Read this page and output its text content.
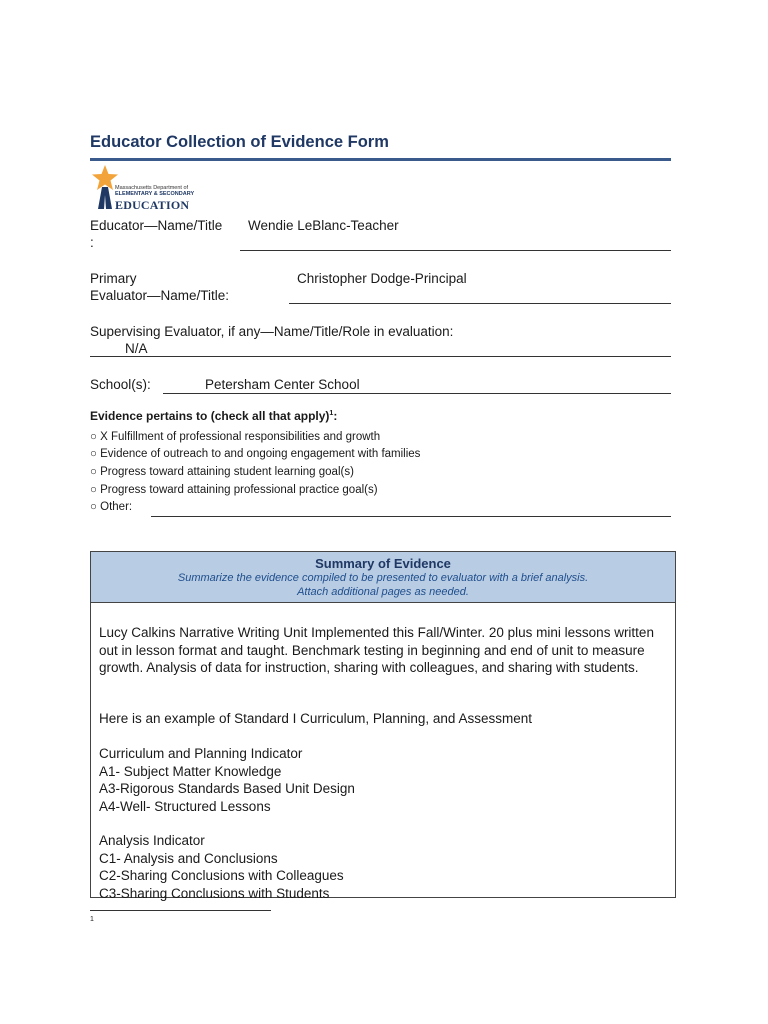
Educator Collection of Evidence Form
Massachusetts Department of
ELEMENTARY & SECONDARY
EDUCATION
Educator—Name/Title
:
Wendie LeBlanc-Teacher
Primary
Evaluator—Name/Title:
Christopher Dodge-Principal
Supervising Evaluator, if any—Name/Title/Role in evaluation:
N/A
School(s):	Petersham Center School
Evidence pertains to (check all that apply)$^1$:
○ X Fulfillment of professional responsibilities and growth
○ Evidence of outreach to and ongoing engagement with families
○ Progress toward attaining student learning goal(s)
○ Progress toward attaining professional practice goal(s)
○ Other:
Summary of Evidence
Summarize the evidence compiled to be presented to evaluator with a brief analysis.
Attach additional pages as needed.
Lucy Calkins Narrative Writing Unit Implemented this Fall/Winter. 20 plus mini lessons written out in lesson format and taught. Benchmark testing in beginning and end of unit to measure growth. Analysis of data for instruction, sharing with colleagues, and sharing with students.
Here is an example of Standard I Curriculum, Planning, and Assessment
Curriculum and Planning Indicator
A1- Subject Matter Knowledge
A3-Rigorous Standards Based Unit Design
A4-Well- Structured Lessons
Analysis Indicator
C1- Analysis and Conclusions
C2-Sharing Conclusions with Colleagues
C3-Sharing Conclusions with Students
1
